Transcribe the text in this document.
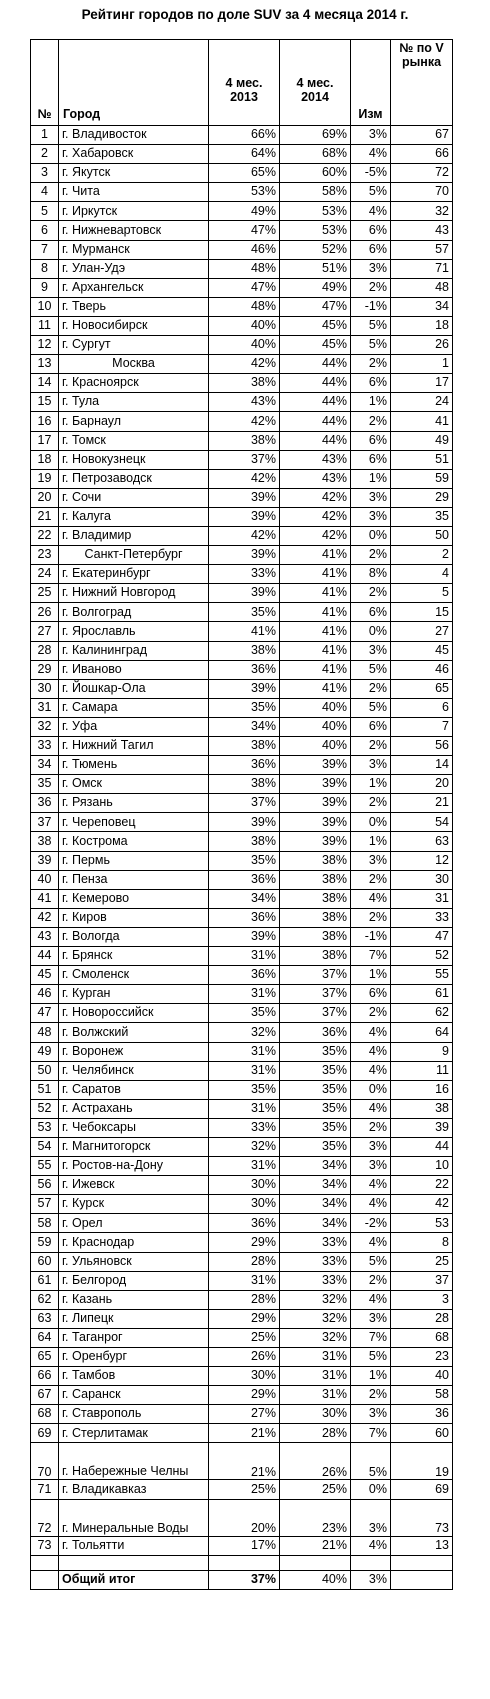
Рейтинг городов по доле SUV за 4 месяца 2014 г.
№	Город	4 мес. 2013	4 мес. 2014	Изм	№ по V рынка
1	г. Владивосток	66%	69%	3%	67
2	г. Хабаровск	64%	68%	4%	66
3	г. Якутск	65%	60%	-5%	72
4	г. Чита	53%	58%	5%	70
5	г. Иркутск	49%	53%	4%	32
6	г. Нижневартовск	47%	53%	6%	43
7	г. Мурманск	46%	52%	6%	57
8	г. Улан-Удэ	48%	51%	3%	71
9	г. Архангельск	47%	49%	2%	48
10	г. Тверь	48%	47%	-1%	34
11	г. Новосибирск	40%	45%	5%	18
12	г. Сургут	40%	45%	5%	26
13	Москва	42%	44%	2%	1
14	г. Красноярск	38%	44%	6%	17
15	г. Тула	43%	44%	1%	24
16	г. Барнаул	42%	44%	2%	41
17	г. Томск	38%	44%	6%	49
18	г. Новокузнецк	37%	43%	6%	51
19	г. Петрозаводск	42%	43%	1%	59
20	г. Сочи	39%	42%	3%	29
21	г. Калуга	39%	42%	3%	35
22	г. Владимир	42%	42%	0%	50
23	Санкт-Петербург	39%	41%	2%	2
24	г. Екатеринбург	33%	41%	8%	4
25	г. Нижний Новгород	39%	41%	2%	5
26	г. Волгоград	35%	41%	6%	15
27	г. Ярославль	41%	41%	0%	27
28	г. Калининград	38%	41%	3%	45
29	г. Иваново	36%	41%	5%	46
30	г. Йошкар-Ола	39%	41%	2%	65
31	г. Самара	35%	40%	5%	6
32	г. Уфа	34%	40%	6%	7
33	г. Нижний Тагил	38%	40%	2%	56
34	г. Тюмень	36%	39%	3%	14
35	г. Омск	38%	39%	1%	20
36	г. Рязань	37%	39%	2%	21
37	г. Череповец	39%	39%	0%	54
38	г. Кострома	38%	39%	1%	63
39	г. Пермь	35%	38%	3%	12
40	г. Пенза	36%	38%	2%	30
41	г. Кемерово	34%	38%	4%	31
42	г. Киров	36%	38%	2%	33
43	г. Вологда	39%	38%	-1%	47
44	г. Брянск	31%	38%	7%	52
45	г. Смоленск	36%	37%	1%	55
46	г. Курган	31%	37%	6%	61
47	г. Новороссийск	35%	37%	2%	62
48	г. Волжский	32%	36%	4%	64
49	г. Воронеж	31%	35%	4%	9
50	г. Челябинск	31%	35%	4%	11
51	г. Саратов	35%	35%	0%	16
52	г. Астрахань	31%	35%	4%	38
53	г. Чебоксары	33%	35%	2%	39
54	г. Магнитогорск	32%	35%	3%	44
55	г. Ростов-на-Дону	31%	34%	3%	10
56	г. Ижевск	30%	34%	4%	22
57	г. Курск	30%	34%	4%	42
58	г. Орел	36%	34%	-2%	53
59	г. Краснодар	29%	33%	4%	8
60	г. Ульяновск	28%	33%	5%	25
61	г. Белгород	31%	33%	2%	37
62	г. Казань	28%	32%	4%	3
63	г. Липецк	29%	32%	3%	28
64	г. Таганрог	25%	32%	7%	68
65	г. Оренбург	26%	31%	5%	23
66	г. Тамбов	30%	31%	1%	40
67	г. Саранск	29%	31%	2%	58
68	г. Ставрополь	27%	30%	3%	36
69	г. Стерлитамак	21%	28%	7%	60
70	г. Набережные Челны	21%	26%	5%	19
71	г. Владикавказ	25%	25%	0%	69
72	г. Минеральные Воды	20%	23%	3%	73
73	г. Тольятти	17%	21%	4%	13

	Общий итог	37%	40%	3%	
